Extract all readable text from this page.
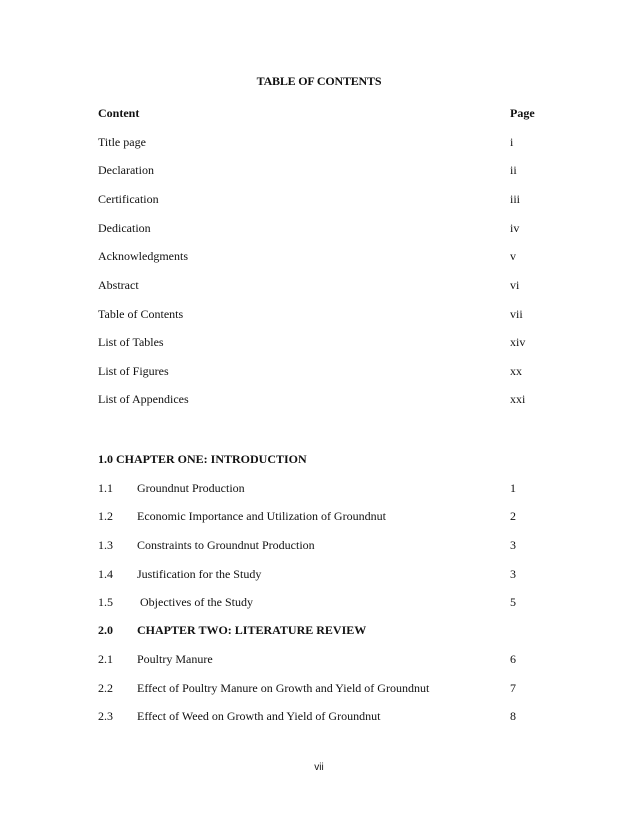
TABLE OF CONTENTS
Content	Page
Title page	i
Declaration	ii
Certification	iii
Dedication	iv
Acknowledgments	v
Abstract	vi
Table of Contents	vii
List of Tables	xiv
List of Figures	xx
List of Appendices	xxi
1.0 CHAPTER ONE: INTRODUCTION
1.1 Groundnut Production	1
1.2 Economic Importance and Utilization of Groundnut	2
1.3 Constraints to Groundnut Production	3
1.4 Justification for the Study	3
1.5 Objectives of the Study	5
2.0 CHAPTER TWO: LITERATURE REVIEW
2.1 Poultry Manure	6
2.2 Effect of Poultry Manure on Growth and Yield of Groundnut	7
2.3 Effect of Weed on Growth and Yield of Groundnut	8
vii
